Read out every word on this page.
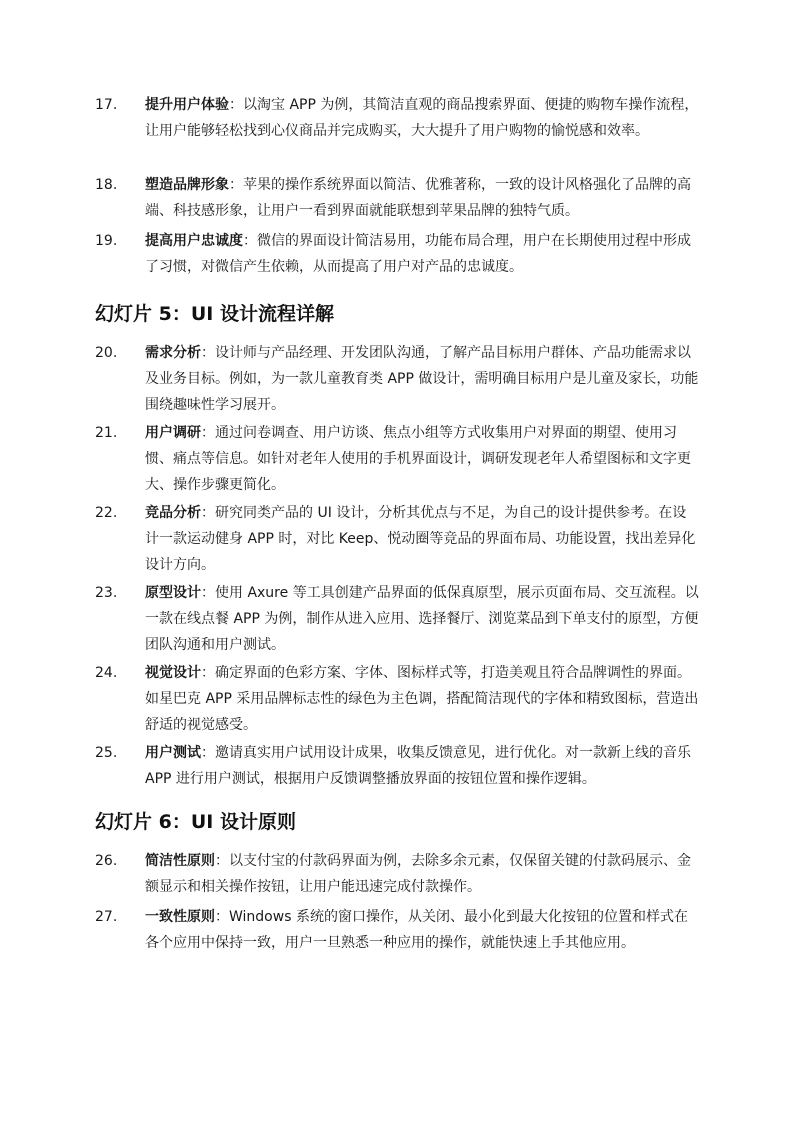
17. 提升用户体验：以淘宝 APP 为例，其简洁直观的商品搜索界面、便捷的购物车操作流程，让用户能够轻松找到心仪商品并完成购买，大大提升了用户购物的愉悦感和效率。
18. 塑造品牌形象：苹果的操作系统界面以简洁、优雅著称，一致的设计风格强化了品牌的高端、科技感形象，让用户一看到界面就能联想到苹果品牌的独特气质。
19. 提高用户忠诚度：微信的界面设计简洁易用，功能布局合理，用户在长期使用过程中形成了习惯，对微信产生依赖，从而提高了用户对产品的忠诚度。
幻灯片 5：UI 设计流程详解
20. 需求分析：设计师与产品经理、开发团队沟通，了解产品目标用户群体、产品功能需求以及业务目标。例如，为一款儿童教育类 APP 做设计，需明确目标用户是儿童及家长，功能围绕趣味性学习展开。
21. 用户调研：通过问卷调查、用户访谈、焦点小组等方式收集用户对界面的期望、使用习惯、痛点等信息。如针对老年人使用的手机界面设计，调研发现老年人希望图标和文字更大、操作步骤更简化。
22. 竞品分析：研究同类产品的 UI 设计，分析其优点与不足，为自己的设计提供参考。在设计一款运动健身 APP 时，对比 Keep、悦动圈等竞品的界面布局、功能设置，找出差异化设计方向。
23. 原型设计：使用 Axure 等工具创建产品界面的低保真原型，展示页面布局、交互流程。以一款在线点餐 APP 为例，制作从进入应用、选择餐厅、浏览菜品到下单支付的原型，方便团队沟通和用户测试。
24. 视觉设计：确定界面的色彩方案、字体、图标样式等，打造美观且符合品牌调性的界面。如星巴克 APP 采用品牌标志性的绿色为主色调，搭配简洁现代的字体和精致图标，营造出舒适的视觉感受。
25. 用户测试：邀请真实用户试用设计成果，收集反馈意见，进行优化。对一款新上线的音乐 APP 进行用户测试，根据用户反馈调整播放界面的按钮位置和操作逻辑。
幻灯片 6：UI 设计原则
26. 简洁性原则：以支付宝的付款码界面为例，去除多余元素，仅保留关键的付款码展示、金额显示和相关操作按钮，让用户能迅速完成付款操作。
27. 一致性原则：Windows 系统的窗口操作，从关闭、最小化到最大化按钮的位置和样式在各个应用中保持一致，用户一旦熟悉一种应用的操作，就能快速上手其他应用。
